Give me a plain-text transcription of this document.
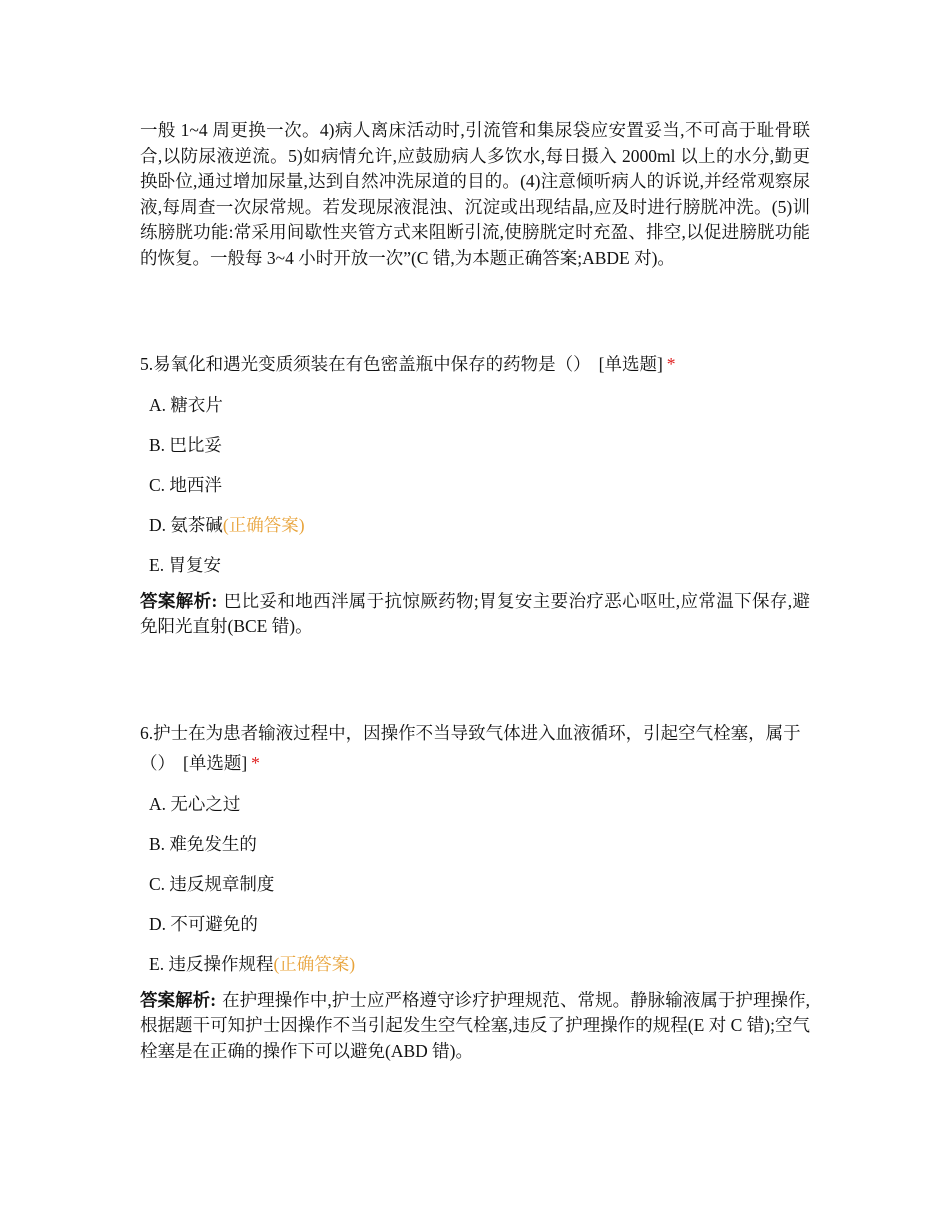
一般 1~4 周更换一次。4)病人离床活动时,引流管和集尿袋应安置妥当,不可高于耻骨联合,以防尿液逆流。5)如病情允许,应鼓励病人多饮水,每日摄入 2000ml 以上的水分,勤更换卧位,通过增加尿量,达到自然冲洗尿道的目的。(4)注意倾听病人的诉说,并经常观察尿液,每周查一次尿常规。若发现尿液混浊、沉淀或出现结晶,应及时进行膀胱冲洗。(5)训练膀胱功能:常采用间歇性夹管方式来阻断引流,使膀胱定时充盈、排空,以促进膀胱功能的恢复。一般每 3~4 小时开放一次”(C 错,为本题正确答案;ABDE 对)。

5.易氧化和遇光变质须装在有色密盖瓶中保存的药物是（） [单选题] *

A. 糖衣片
B. 巴比妥
C. 地西泮
D. 氨茶碱(正确答案)
E. 胃复安

答案解析: 巴比妥和地西泮属于抗惊厥药物;胃复安主要治疗恶心呕吐,应常温下保存,避免阳光直射(BCE 错)。

6.护士在为患者输液过程中，因操作不当导致气体进入血液循环，引起空气栓塞，属于（） [单选题] *

A. 无心之过
B. 难免发生的
C. 违反规章制度
D. 不可避免的
E. 违反操作规程(正确答案)

答案解析: 在护理操作中,护士应严格遵守诊疗护理规范、常规。静脉输液属于护理操作,根据题干可知护士因操作不当引起发生空气栓塞,违反了护理操作的规程(E 对 C 错);空气栓塞是在正确的操作下可以避免(ABD 错)。
